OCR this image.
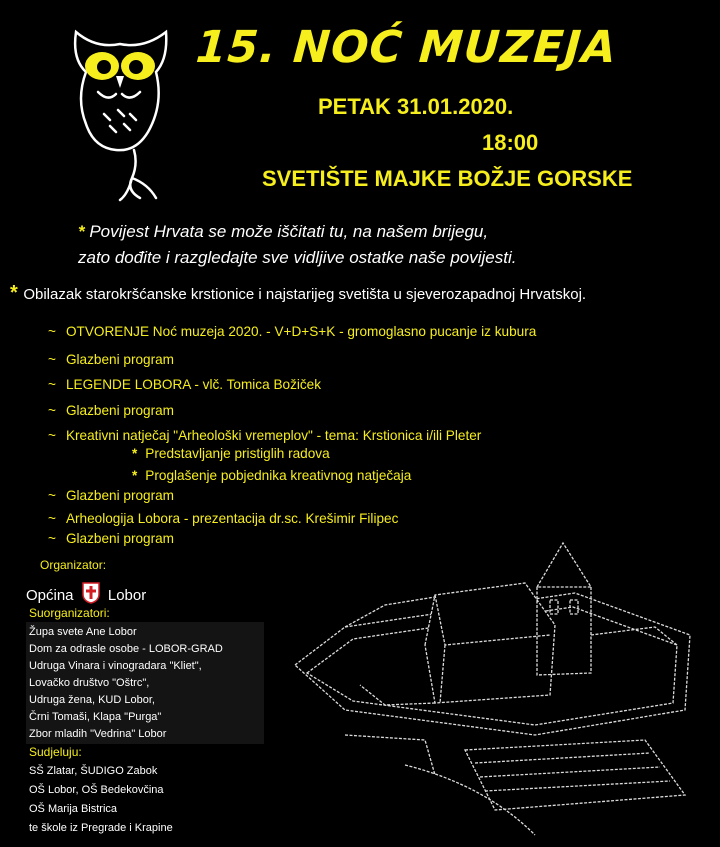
15. NOĆ MUZEJA
PETAK 31.01.2020.
18:00
SVETIŠTE MAJKE BOŽJE GORSKE
* Povijest Hrvata se može iščitati tu, na našem brijegu,
zato dođite i razgledajte sve vidljive ostatke naše povijesti.
* Obilazak starokršćanske krstionice i najstarijeg svetišta u sjeverozapadnoj Hrvatskoj.
~ OTVORENJE Noć muzeja 2020. - V+D+S+K - gromoglasno pucanje iz kubura
~ Glazbeni program
~ LEGENDE LOBORA - vlč. Tomica Božiček
~ Glazbeni program
~ Kreativni natječaj "Arheološki vremeplov" - tema: Krstionica i/ili Pleter
* Predstavljanje pristiglih radova
* Proglašenje pobjednika kreativnog natječaja
~ Glazbeni program
~ Arheologija Lobora - prezentacija dr.sc. Krešimir Filipec
~ Glazbeni program
Organizator:
Općina Lobor
Suorganizatori:
Župa svete Ane Lobor
Dom za odrasle osobe - LOBOR-GRAD
Udruga Vinara i vinogradara "Kliet",
Lovačko društvo "Oštrc",
Udruga žena, KUD Lobor,
Črni Tomaši, Klapa "Purga"
Zbor mladih "Vedrina" Lobor
Sudjeluju:
SŠ Zlatar, ŠUDIGO Zabok
OŠ Lobor, OŠ Bedekovčina
OŠ Marija Bistrica
te škole iz Pregrade i Krapine
